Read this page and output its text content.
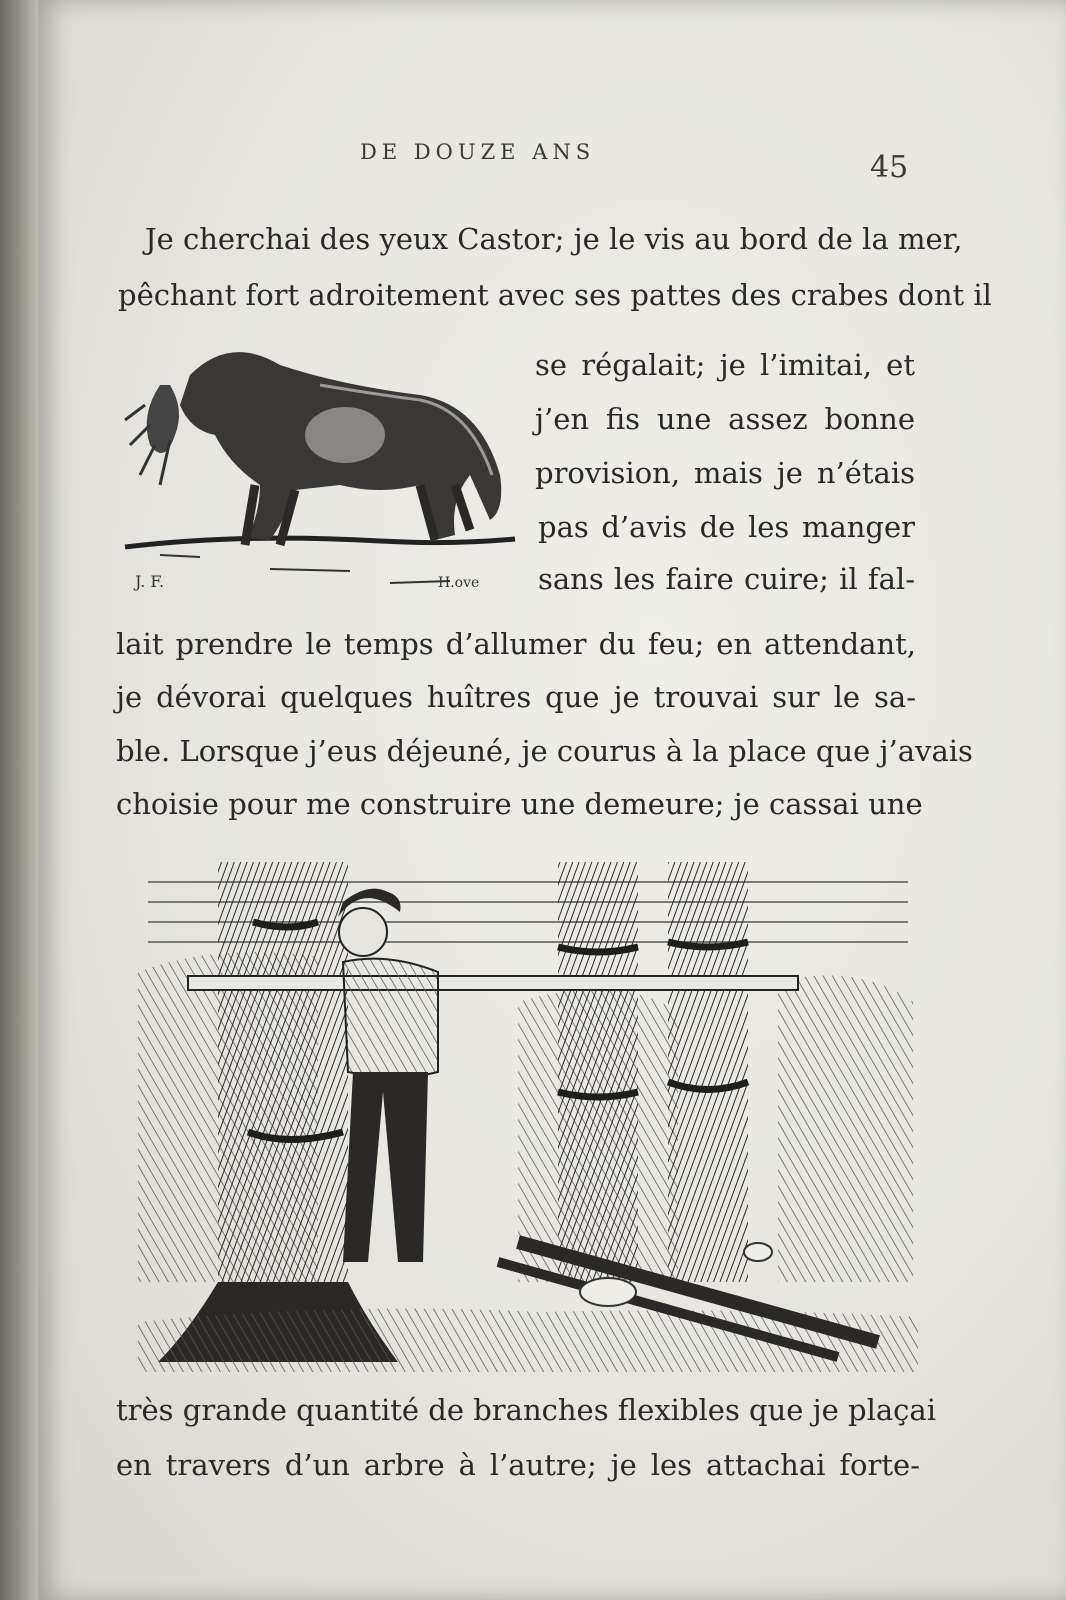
DE DOUZE ANS	45
Je cherchai des yeux Castor; je le vis au bord de la mer,
pêchant fort adroitement avec ses pattes des crabes dont il
se régalait; je l’imitai, et
j’en fis une assez bonne
provision, mais je n’étais
pas d’avis de les manger
sans les faire cuire; il fal-
lait prendre le temps d’allumer du feu; en attendant,
je dévorai quelques huîtres que je trouvai sur le sa-
ble. Lorsque j’eus déjeuné, je courus à la place que j’avais
choisie pour me construire une demeure; je cassai une
très grande quantité de branches flexibles que je plaçai
en travers d’un arbre à l’autre; je les attachai forte-
J. F.	H.ove
